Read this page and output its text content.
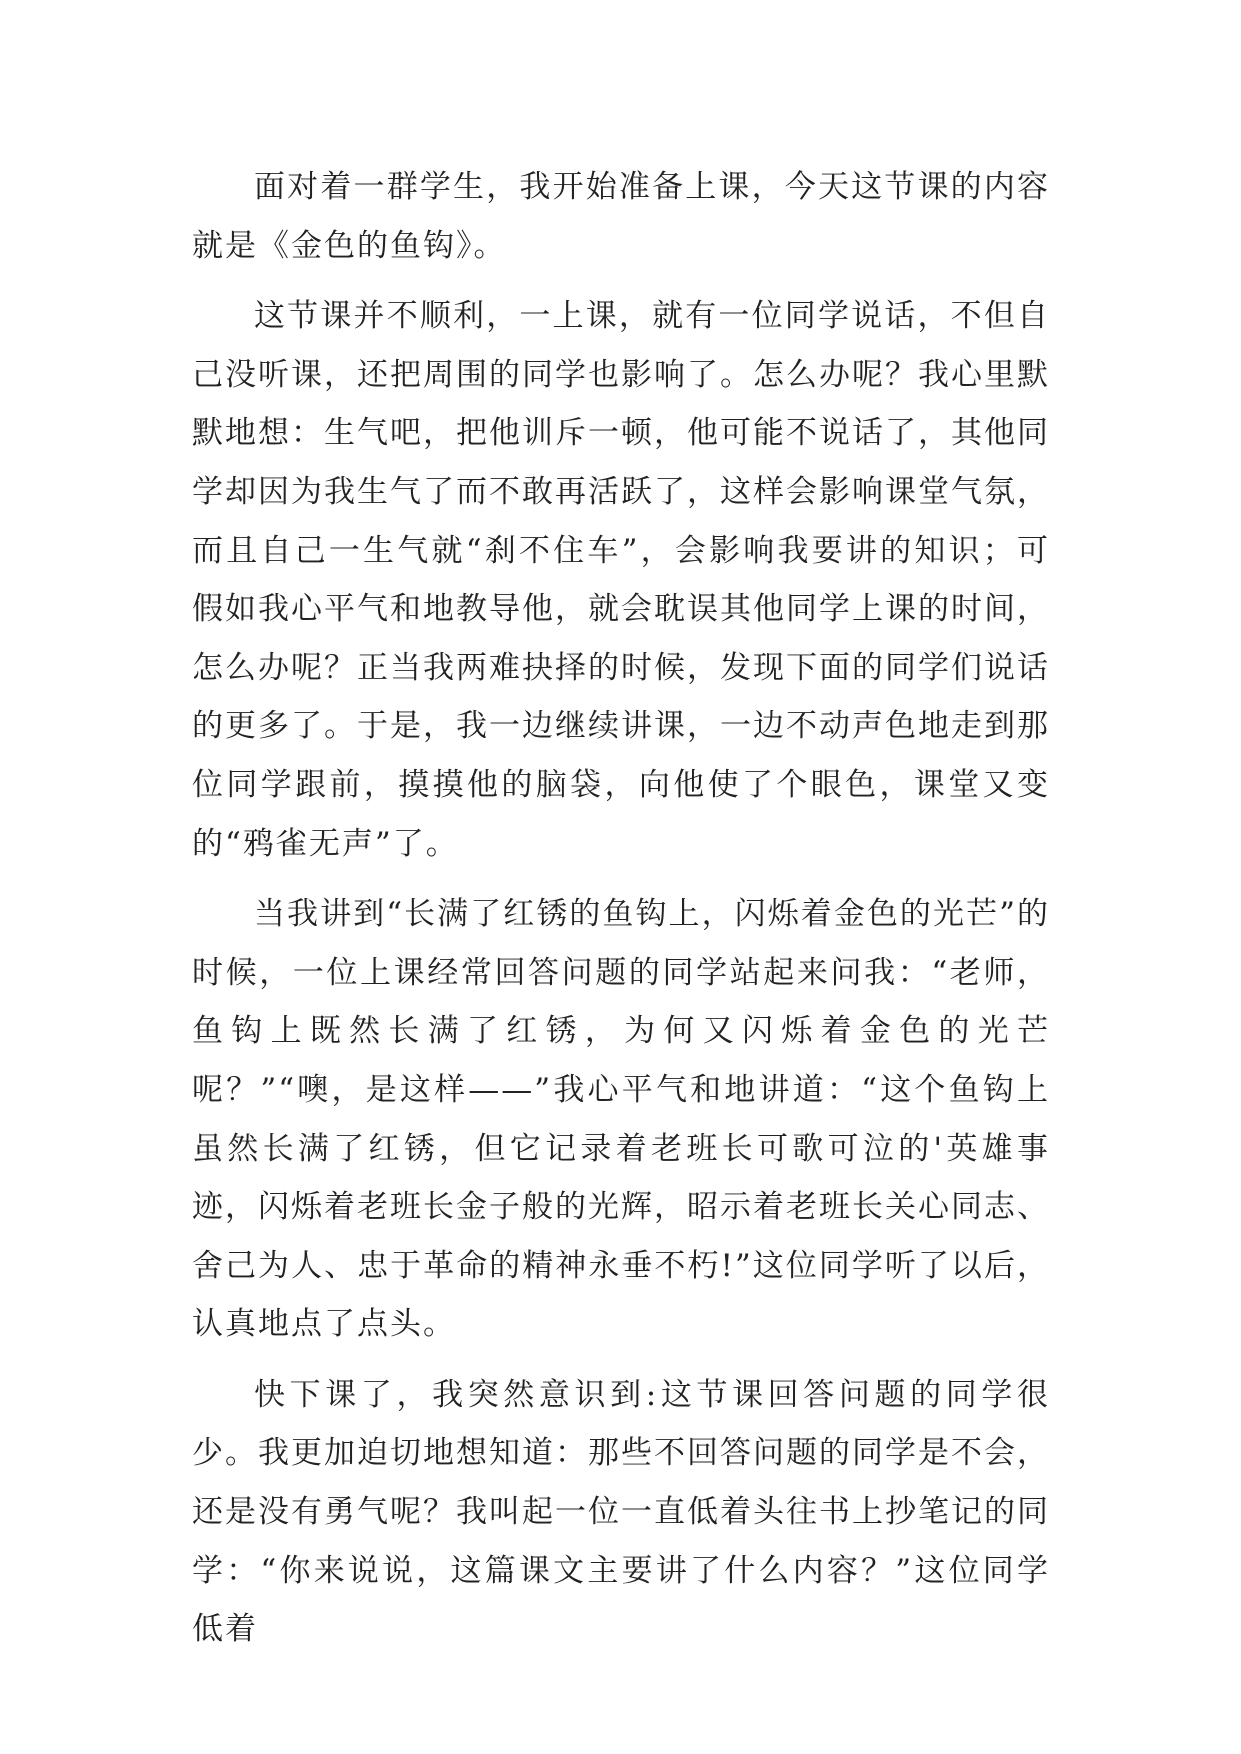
面对着一群学生，我开始准备上课，今天这节课的内容就是《金色的鱼钩》。

这节课并不顺利，一上课，就有一位同学说话，不但自己没听课，还把周围的同学也影响了。怎么办呢？我心里默默地想：生气吧，把他训斥一顿，他可能不说话了，其他同学却因为我生气了而不敢再活跃了，这样会影响课堂气氛，而且自己一生气就“刹不住车”，会影响我要讲的知识；可假如我心平气和地教导他，就会耽误其他同学上课的时间，怎么办呢？正当我两难抉择的时候，发现下面的同学们说话的更多了。于是，我一边继续讲课，一边不动声色地走到那位同学跟前，摸摸他的脑袋，向他使了个眼色，课堂又变的“鸦雀无声”了。

当我讲到“长满了红锈的鱼钩上，闪烁着金色的光芒”的时候，一位上课经常回答问题的同学站起来问我：“老师，鱼钩上既然长满了红锈，为何又闪烁着金色的光芒呢？”“噢，是这样——”我心平气和地讲道：“这个鱼钩上虽然长满了红锈，但它记录着老班长可歌可泣的'英雄事迹，闪烁着老班长金子般的光辉，昭示着老班长关心同志、舍己为人、忠于革命的精神永垂不朽!”这位同学听了以后，认真地点了点头。

快下课了，我突然意识到:这节课回答问题的同学很少。我更加迫切地想知道：那些不回答问题的同学是不会，还是没有勇气呢？我叫起一位一直低着头往书上抄笔记的同学：“你来说说，这篇课文主要讲了什么内容？”这位同学低着
